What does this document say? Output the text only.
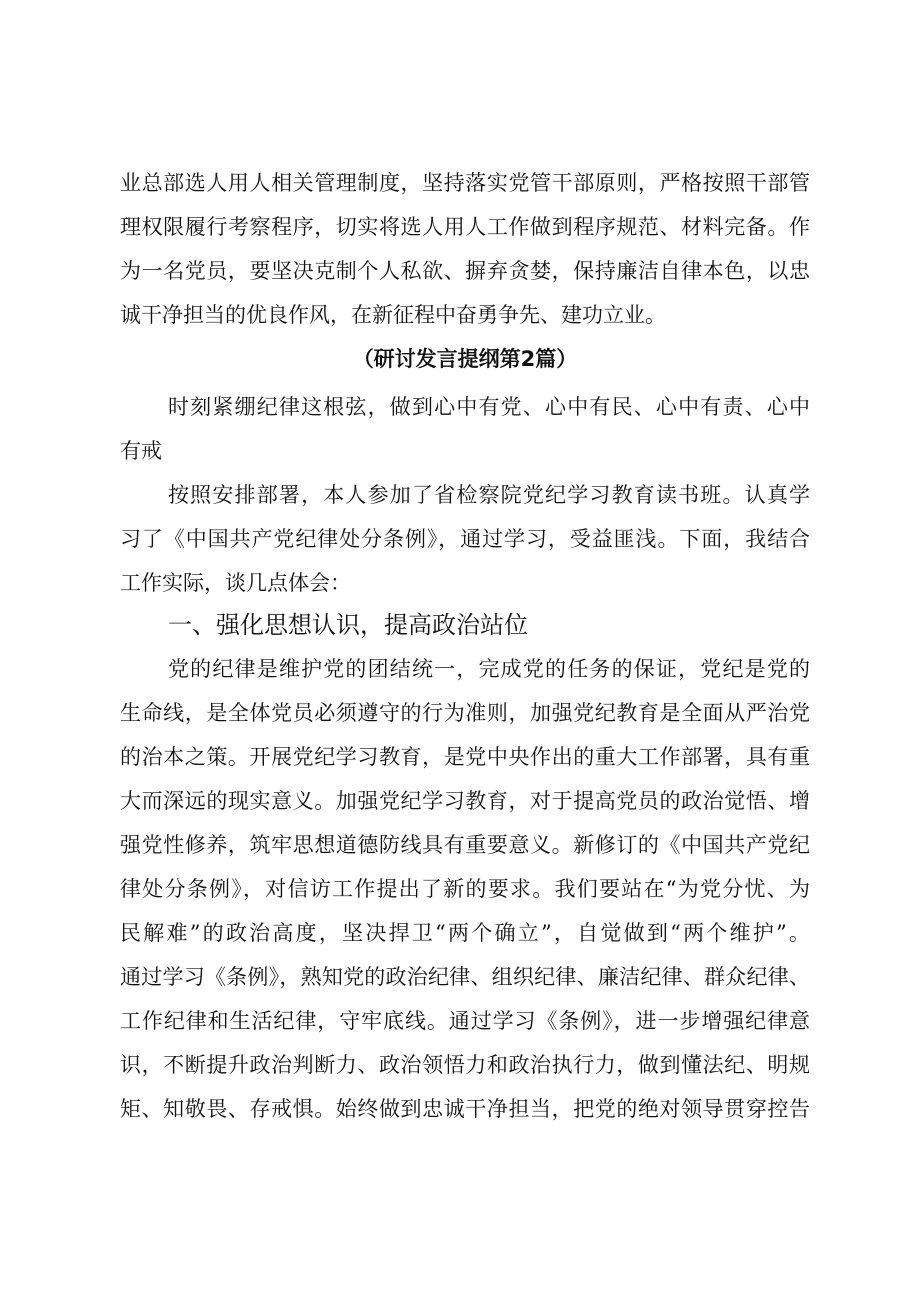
业总部选人用人相关管理制度，坚持落实党管干部原则，严格按照干部管

理权限履行考察程序，切实将选人用人工作做到程序规范、材料完备。作

为一名党员，要坚决克制个人私欲、摒弃贪婪，保持廉洁自律本色，以忠

诚干净担当的优良作风，在新征程中奋勇争先、建功立业。

（研讨发言提纲第2篇）

时刻紧绷纪律这根弦，做到心中有党、心中有民、心中有责、心中

有戒

按照安排部署，本人参加了省检察院党纪学习教育读书班。认真学

习了《中国共产党纪律处分条例》，通过学习，受益匪浅。下面，我结合

工作实际，谈几点体会：

一、强化思想认识，提高政治站位

党的纪律是维护党的团结统一，完成党的任务的保证，党纪是党的

生命线，是全体党员必须遵守的行为准则，加强党纪教育是全面从严治党

的治本之策。开展党纪学习教育，是党中央作出的重大工作部署，具有重

大而深远的现实意义。加强党纪学习教育，对于提高党员的政治觉悟、增

强党性修养，筑牢思想道德防线具有重要意义。新修订的《中国共产党纪

律处分条例》，对信访工作提出了新的要求。我们要站在“为党分忧、为

民解难”的政治高度，坚决捍卫“两个确立”，自觉做到“两个维护”。

通过学习《条例》，熟知党的政治纪律、组织纪律、廉洁纪律、群众纪律、

工作纪律和生活纪律，守牢底线。通过学习《条例》，进一步增强纪律意

识，不断提升政治判断力、政治领悟力和政治执行力，做到懂法纪、明规

矩、知敬畏、存戒惧。始终做到忠诚干净担当，把党的绝对领导贯穿控告
